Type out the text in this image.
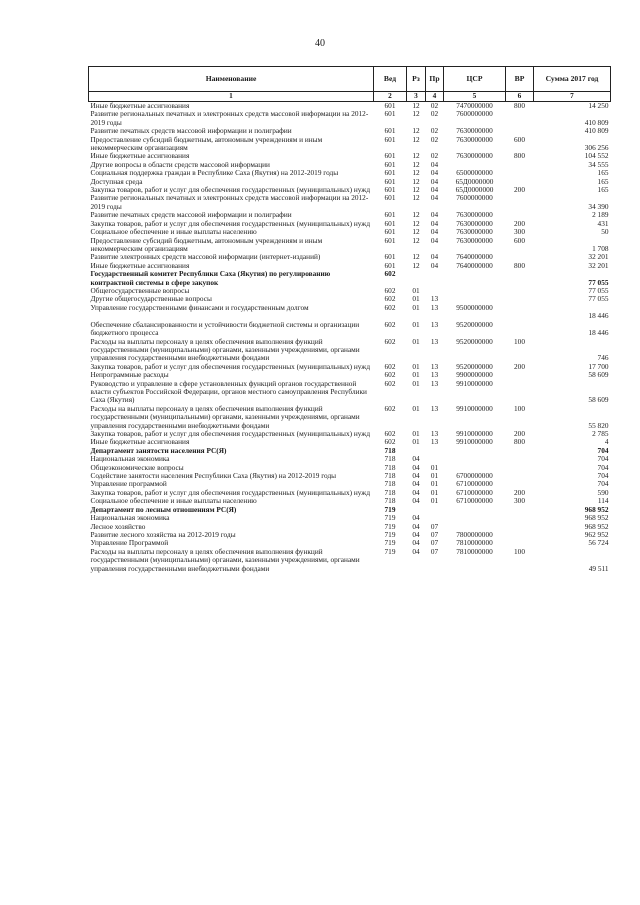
40
Наименование	Вед	Рз	Пр	ЦСР	ВР	Сумма 2017 год
1	2	3	4	5	6	7
Иные бюджетные ассигнования	601	12	02	7470000000	800	14 250
Развитие региональных печатных и электронных средств массовой информации на 2012-2019 годы	601	12	02	7600000000		410 809
Развитие печатных средств массовой информации и полиграфии	601	12	02	7630000000		410 809
Предоставление субсидий бюджетным, автономным учреждениям и иным некоммерческим организациям	601	12	02	7630000000	600	306 256
Иные бюджетные ассигнования	601	12	02	7630000000	800	104 552
Другие вопросы в области средств массовой информации	601	12	04			34 555
Социальная поддержка граждан в Республике Саха (Якутия) на 2012-2019 годы	601	12	04	6500000000		165
Доступная среда	601	12	04	65Д0000000		165
Закупка товаров, работ и услуг для обеспечения государственных (муниципальных) нужд	601	12	04	65Д0000000	200	165
Развитие региональных печатных и электронных средств массовой информации на 2012-2019 годы	601	12	04	7600000000		34 390
Развитие печатных средств массовой информации и полиграфии	601	12	04	7630000000		2 189
Закупка товаров, работ и услуг для обеспечения государственных (муниципальных) нужд	601	12	04	7630000000	200	431
Социальное обеспечение и иные выплаты населению	601	12	04	7630000000	300	50
Предоставление субсидий бюджетным, автономным учреждениям и иным некоммерческим организациям	601	12	04	7630000000	600	1 708
Развитие электронных средств массовой информации (интернет-изданий)	601	12	04	7640000000		32 201
Иные бюджетные ассигнования	601	12	04	7640000000	800	32 201
Государственный комитет Республики Саха (Якутия) по регулированию контрактной системы в сфере закупок	602					77 055
Общегосударственные вопросы	602	01				77 055
Другие общегосударственные вопросы	602	01	13			77 055
Управление государственными финансами и государственным долгом	602	01	13	9500000000		18 446
Обеспечение сбалансированности и устойчивости бюджетной системы и организации бюджетного процесса	602	01	13	9520000000		18 446
Расходы на выплаты персоналу в целях обеспечения выполнения функций государственными (муниципальными) органами, казенными учреждениями, органами управления государственными внебюджетными фондами	602	01	13	9520000000	100	746
Закупка товаров, работ и услуг для обеспечения государственных (муниципальных) нужд	602	01	13	9520000000	200	17 700
Непрограммные расходы	602	01	13	9900000000		58 609
Руководство и управление в сфере установленных функций органов государственной власти субъектов Российской Федерации, органов местного самоуправления Республики Саха (Якутия)	602	01	13	9910000000		58 609
Расходы на выплаты персоналу в целях обеспечения выполнения функций государственными (муниципальными) органами, казенными учреждениями, органами управления государственными внебюджетными фондами	602	01	13	9910000000	100	55 820
Закупка товаров, работ и услуг для обеспечения государственных (муниципальных) нужд	602	01	13	9910000000	200	2 785
Иные бюджетные ассигнования	602	01	13	9910000000	800	4
Департамент занятости населения РС(Я)	718					704
Национальная экономика	718	04				704
Общеэкономические вопросы	718	04	01			704
Содействие занятости населения Республики Саха (Якутия) на 2012-2019 годы	718	04	01	6700000000		704
Управление программой	718	04	01	6710000000		704
Закупка товаров, работ и услуг для обеспечения государственных (муниципальных) нужд	718	04	01	6710000000	200	590
Социальное обеспечение и иные выплаты населению	718	04	01	6710000000	300	114
Департамент по лесным отношениям РС(Я)	719					968 952
Национальная экономика	719	04				968 952
Лесное хозяйство	719	04	07			968 952
Развитие лесного хозяйства на 2012-2019 годы	719	04	07	7800000000		962 952
Управление Программой	719	04	07	7810000000		56 724
Расходы на выплаты персоналу в целях обеспечения выполнения функций государственными (муниципальными) органами, казенными учреждениями, органами управления государственными внебюджетными фондами	719	04	07	7810000000	100	49 511
